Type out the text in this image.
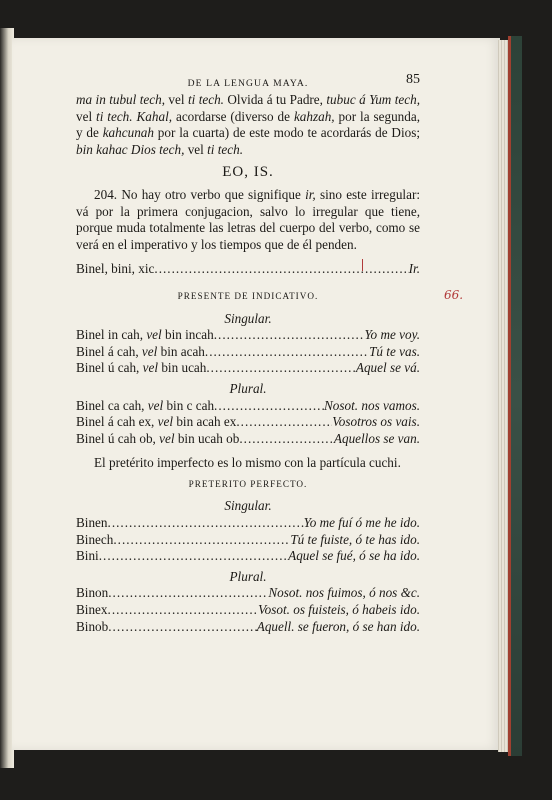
66.
DE LA LENGUA MAYA.	85

ma in tubul tech, vel ti tech. Olvida á tu Padre, tubuc á Yum tech, vel ti tech. Kahal, acordarse (diverso de kahzah, por la segunda, y de kahcunah por la cuarta) de este modo te acordarás de Dios; bin kahac Dios tech, vel ti tech.

EO, IS.

204. No hay otro verbo que signifique ir, sino este irregular: vá por la primera conjugacion, salvo lo irregular que tiene, porque muda totalmente las letras del cuerpo del verbo, como se verá en el imperativo y los tiempos que de él penden.

Binel, bini, xic .....	Ir.
PRESENTE DE INDICATIVO.
Singular.
Binel in cah, vel bin incah .....	Yo me voy.
Binel á cah, vel bin acah .....	Tú te vas.
Binel ú cah, vel bin ucah .....	Aquel se vá.
Plural.
Binel ca cah, vel bin c cah .....	Nosot. nos vamos.
Binel á cah ex, vel bin acah ex .....	Vosotros os vais.
Binel ú cah ob, vel bin ucah ob .....	Aquellos se van.

El pretérito imperfecto es lo mismo con la partícula cuchi.

PRETERITO PERFECTO.
Singular.
Binen .....	Yo me fuí ó me he ido.
Binech .....	Tú te fuiste, ó te has ido.
Bini .....	Aquel se fué, ó se ha ido.
Plural.
Binon .....	Nosot. nos fuimos, ó nos &c.
Binex .....	Vosot. os fuisteis, ó habeis ido.
Binob .....	Aquell. se fueron, ó se han ido.
